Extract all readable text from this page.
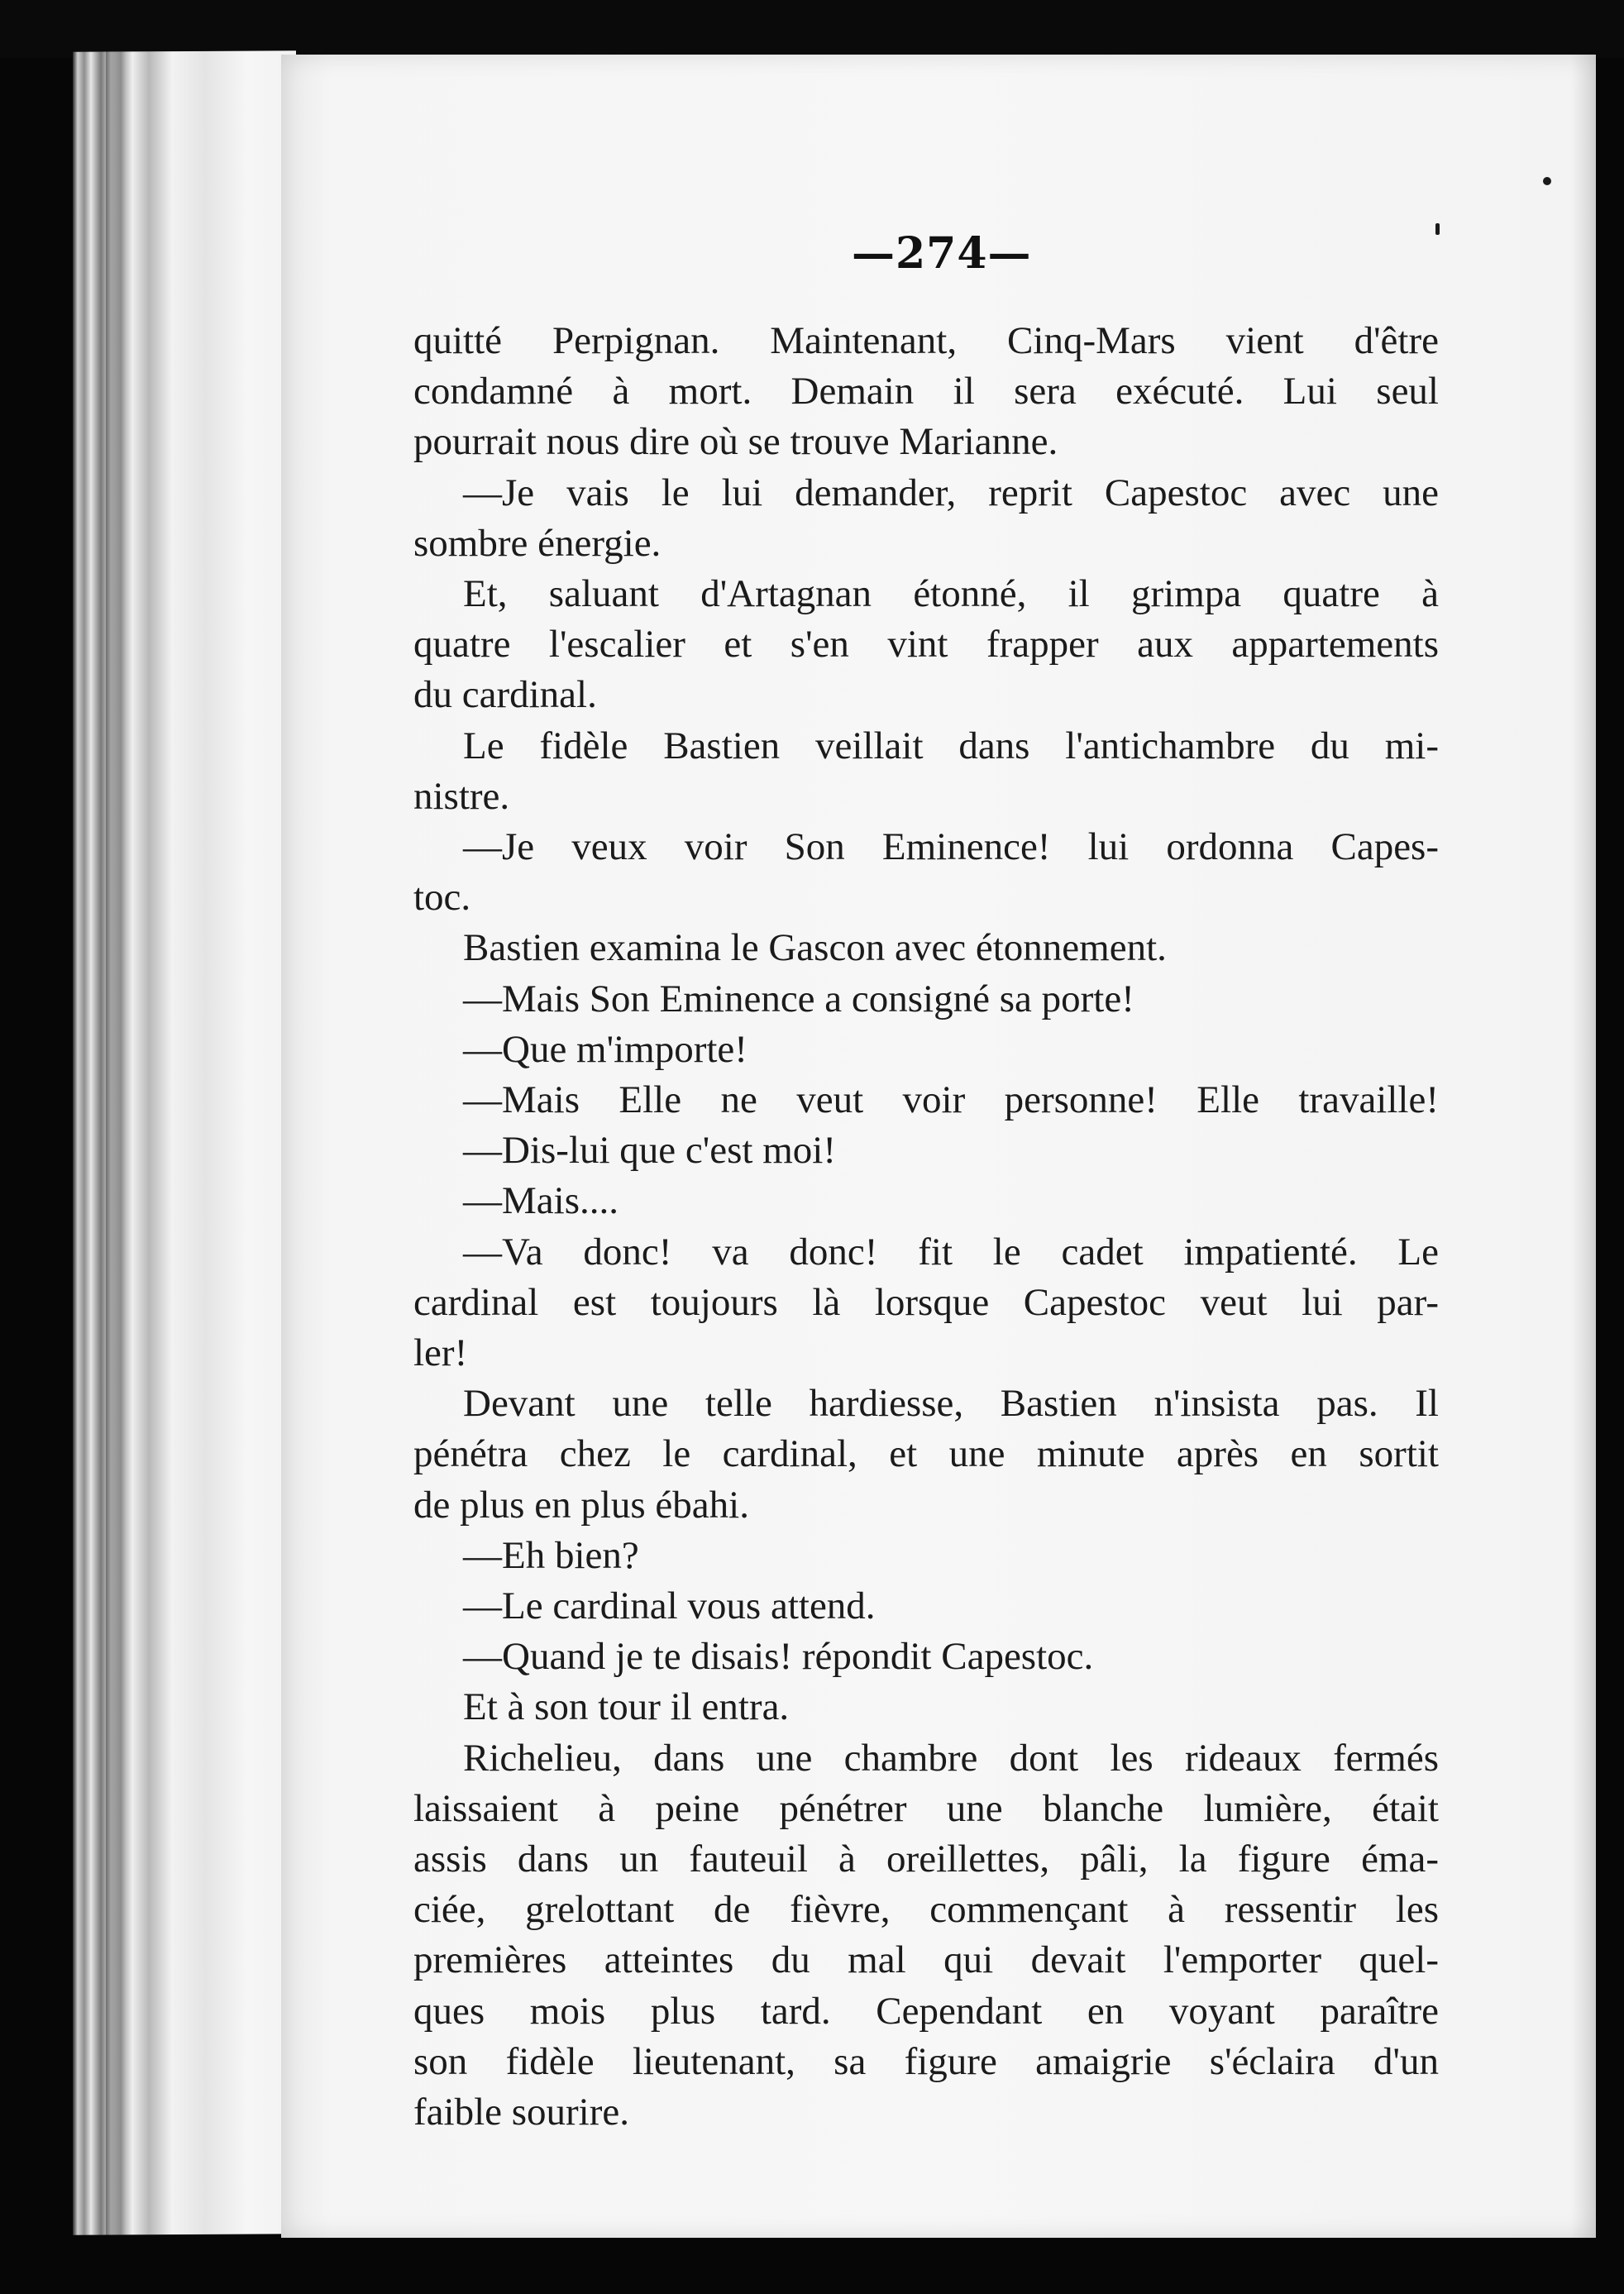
—274—
quitté Perpignan. Maintenant, Cinq-Mars vient d'être
condamné à mort. Demain il sera exécuté. Lui seul
pourrait nous dire où se trouve Marianne.
—Je vais le lui demander, reprit Capestoc avec une
sombre énergie.
Et, saluant d'Artagnan étonné, il grimpa quatre à
quatre l'escalier et s'en vint frapper aux appartements
du cardinal.
Le fidèle Bastien veillait dans l'antichambre du mi-
nistre.
—Je veux voir Son Eminence! lui ordonna Capes-
toc.
Bastien examina le Gascon avec étonnement.
—Mais Son Eminence a consigné sa porte!
—Que m'importe!
—Mais Elle ne veut voir personne! Elle travaille!
—Dis-lui que c'est moi!
—Mais....
—Va donc! va donc! fit le cadet impatienté. Le
cardinal est toujours là lorsque Capestoc veut lui par-
ler!
Devant une telle hardiesse, Bastien n'insista pas. Il
pénétra chez le cardinal, et une minute après en sortit
de plus en plus ébahi.
—Eh bien?
—Le cardinal vous attend.
—Quand je te disais! répondit Capestoc.
Et à son tour il entra.
Richelieu, dans une chambre dont les rideaux fermés
laissaient à peine pénétrer une blanche lumière, était
assis dans un fauteuil à oreillettes, pâli, la figure éma-
ciée, grelottant de fièvre, commençant à ressentir les
premières atteintes du mal qui devait l'emporter quel-
ques mois plus tard. Cependant en voyant paraître
son fidèle lieutenant, sa figure amaigrie s'éclaira d'un
faible sourire.
